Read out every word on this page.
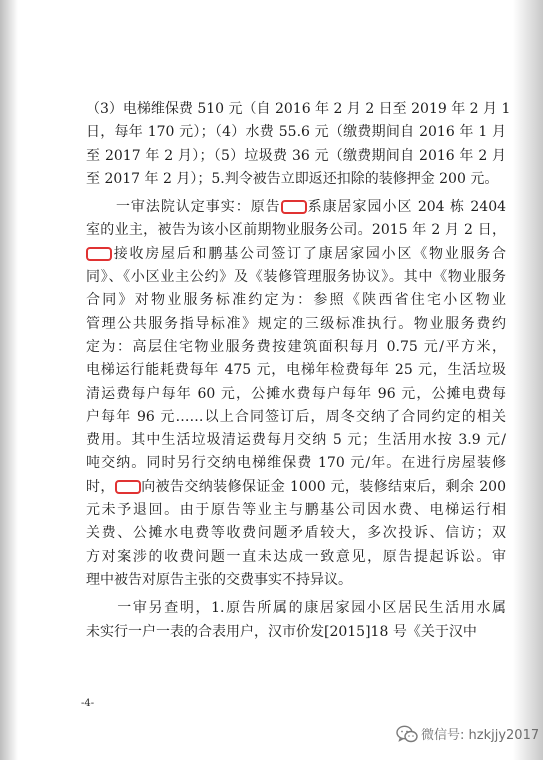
（3）电梯维保费 510 元（自 2016 年 2 月 2 日至 2019 年 2 月 1
日，每年 170 元）；（4）水费 55.6 元（缴费期间自 2016 年 1 月
至 2017 年 2 月）；（5）垃圾费 36 元（缴费期间自 2016 年 2 月
至 2017 年 2 月）；5.判令被告立即返还扣除的装修押金 200 元。
　　一审法院认定事实：原告 系康居家园小区 204 栋 2404
室的业主，被告为该小区前期物业服务公司。2015 年 2 月 2 日，
接收房屋后和鹏基公司签订了康居家园小区《物业服务合
同》、《小区业主公约》及《装修管理服务协议》。其中《物业服务
合同》对物业服务标准约定为：参照《陕西省住宅小区物业
管理公共服务指导标准》规定的三级标准执行。物业服务费约
定为：高层住宅物业服务费按建筑面积每月 0.75 元/平方米，
电梯运行能耗费每年 475 元，电梯年检费每年 25 元，生活垃圾
清运费每户每年 60 元，公摊水费每户每年 96 元，公摊电费每
户每年 96 元……以上合同签订后，周冬交纳了合同约定的相关
费用。其中生活垃圾清运费每月交纳 5 元；生活用水按 3.9 元/
吨交纳。同时另行交纳电梯维保费 170 元/年。在进行房屋装修
时， 向被告交纳装修保证金 1000 元，装修结束后，剩余 200
元未予退回。由于原告等业主与鹏基公司因水费、电梯运行相
关费、公摊水电费等收费问题矛盾较大，多次投诉、信访；双
方对案涉的收费问题一直未达成一致意见，原告提起诉讼。审
理中被告对原告主张的交费事实不持异议。
　　一审另查明，1.原告所属的康居家园小区居民生活用水属
未实行一户一表的合表用户，汉市价发[2015]18 号《关于汉中
-4-
微信号: hzkjjy2017
